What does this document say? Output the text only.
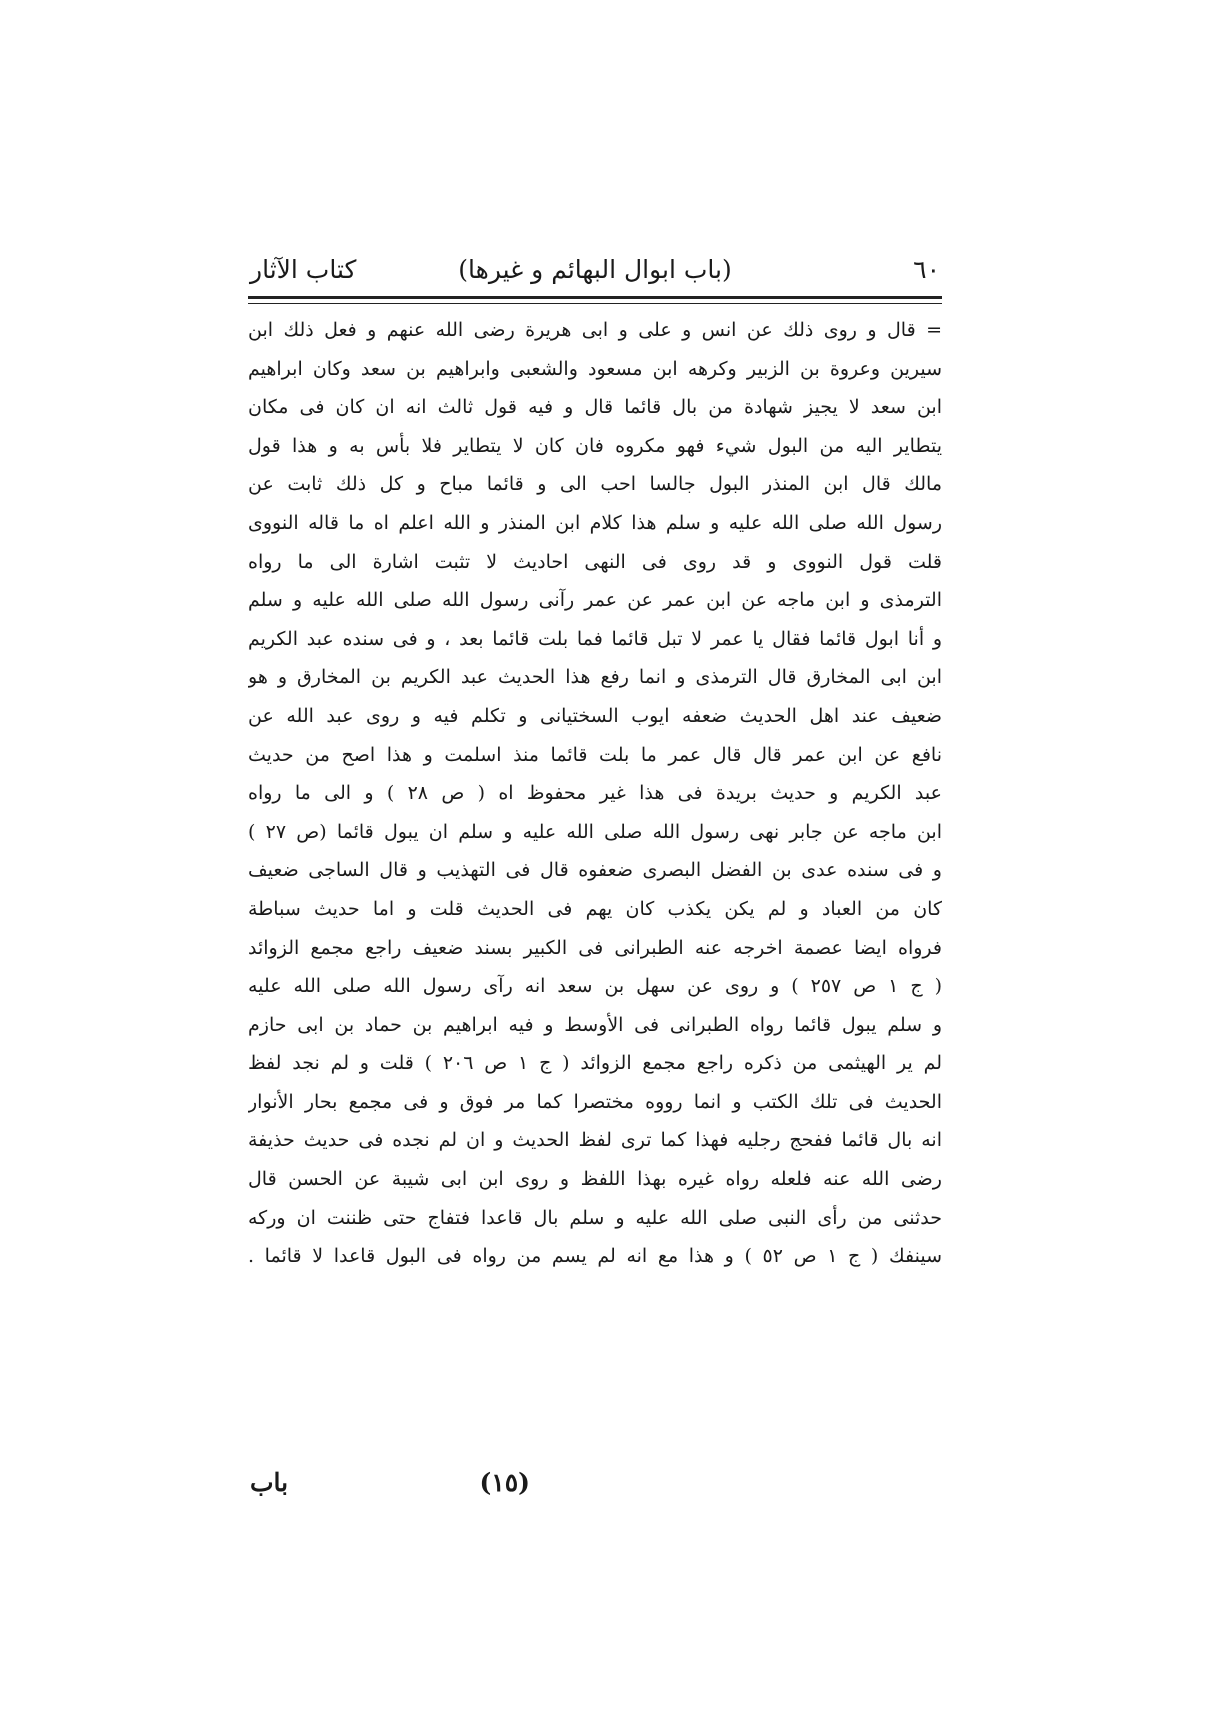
٦٠
(باب ابوال البهائم و غيرها)
كتاب الآثار
= قال و روى ذلك عن انس و على و ابى هريرة رضى الله عنهم و فعل ذلك ابن
سيرين وعروة بن الزبير وكرهه ابن مسعود والشعبى وابراهيم بن سعد وكان ابراهيم
ابن سعد لا يجيز شهادة من بال قائما قال و فيه قول ثالث انه ان كان فى مكان
يتطاير اليه من البول شيء فهو مكروه فان كان لا يتطاير فلا بأس به و هذا قول
مالك قال ابن المنذر البول جالسا احب الى و قائما مباح و كل ذلك ثابت عن
رسول الله صلى الله عليه و سلم هذا كلام ابن المنذر و الله اعلم اه ما قاله النووى
قلت قول النووى و قد روى فى النهى احاديث لا تثبت اشارة الى ما رواه
الترمذى و ابن ماجه عن ابن عمر عن عمر رآنى رسول الله صلى الله عليه و سلم
و أنا ابول قائما فقال يا عمر لا تبل قائما فما بلت قائما بعد ، و فى سنده عبد الكريم
ابن ابى المخارق قال الترمذى و انما رفع هذا الحديث عبد الكريم بن المخارق و هو
ضعيف عند اهل الحديث ضعفه ايوب السختيانى و تكلم فيه و روى عبد الله عن
نافع عن ابن عمر قال قال عمر ما بلت قائما منذ اسلمت و هذا اصح من حديث
عبد الكريم و حديث بريدة فى هذا غير محفوظ اه ( ص ٢٨ ) و الى ما رواه
ابن ماجه عن جابر نهى رسول الله صلى الله عليه و سلم ان يبول قائما (ص ٢٧ )
و فى سنده عدى بن الفضل البصرى ضعفوه قال فى التهذيب و قال الساجى ضعيف
كان من العباد و لم يكن يكذب كان يهم فى الحديث قلت و اما حديث سباطة
فرواه ايضا عصمة اخرجه عنه الطبرانى فى الكبير بسند ضعيف راجع مجمع الزوائد
( ج ١ ص ٢٥٧ ) و روى عن سهل بن سعد انه رآى رسول الله صلى الله عليه
و سلم يبول قائما رواه الطبرانى فى الأوسط و فيه ابراهيم بن حماد بن ابى حازم
لم ير الهيثمى من ذكره راجع مجمع الزوائد ( ج ١ ص ٢٠٦ ) قلت و لم نجد لفظ
الحديث فى تلك الكتب و انما رووه مختصرا كما مر فوق و فى مجمع بحار الأنوار
انه بال قائما ففحج رجليه فهذا كما ترى لفظ الحديث و ان لم نجده فى حديث حذيفة
رضى الله عنه فلعله رواه غيره بهذا اللفظ و روى ابن ابى شيبة عن الحسن قال
حدثنى من رأى النبى صلى الله عليه و سلم بال قاعدا فتفاج حتى ظننت ان وركه
سينفك ( ج ١ ص ٥٢ ) و هذا مع انه لم يسم من رواه فى البول قاعدا لا قائما .
(١٥)
باب
